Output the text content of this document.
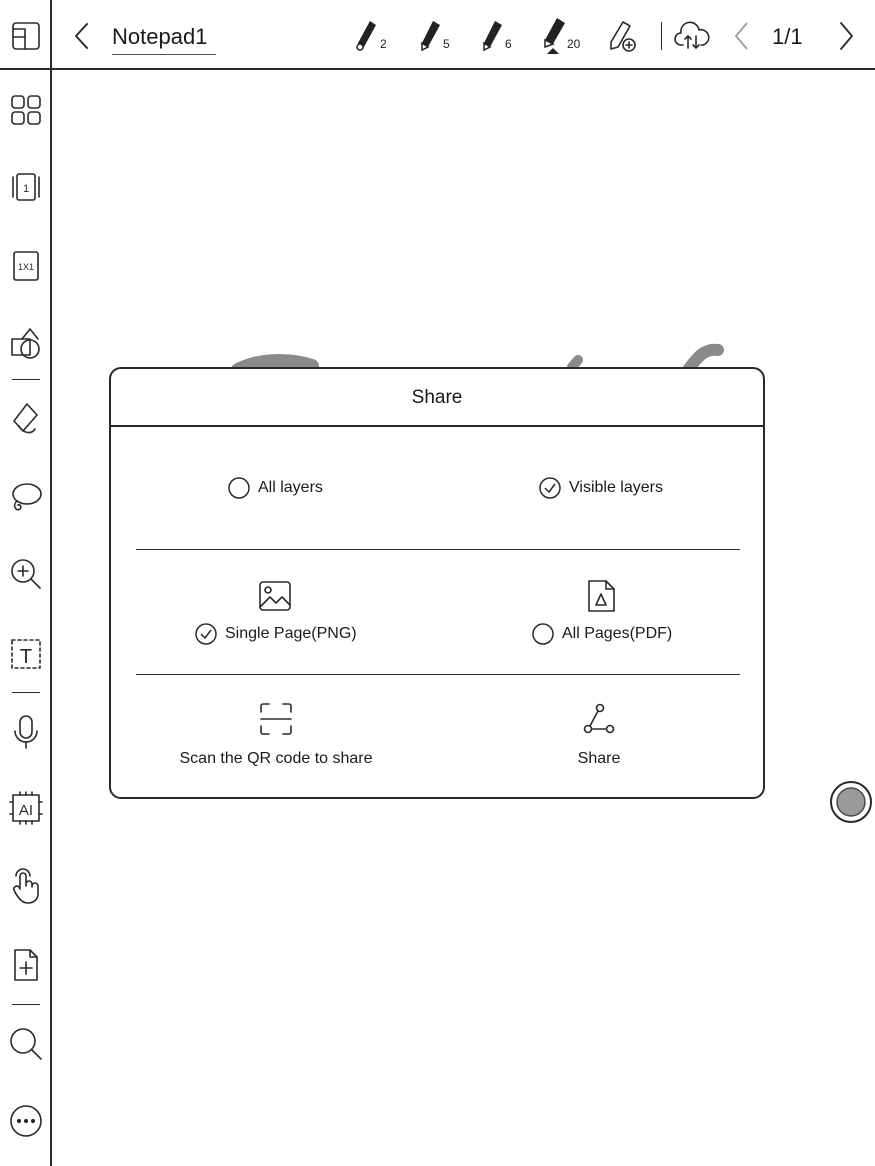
Notepad1	2	5	6	20	1/1
1
1X1
T
AI
Share
All layers	Visible layers
Single Page(PNG)	All Pages(PDF)
Scan the QR code to share	Share
